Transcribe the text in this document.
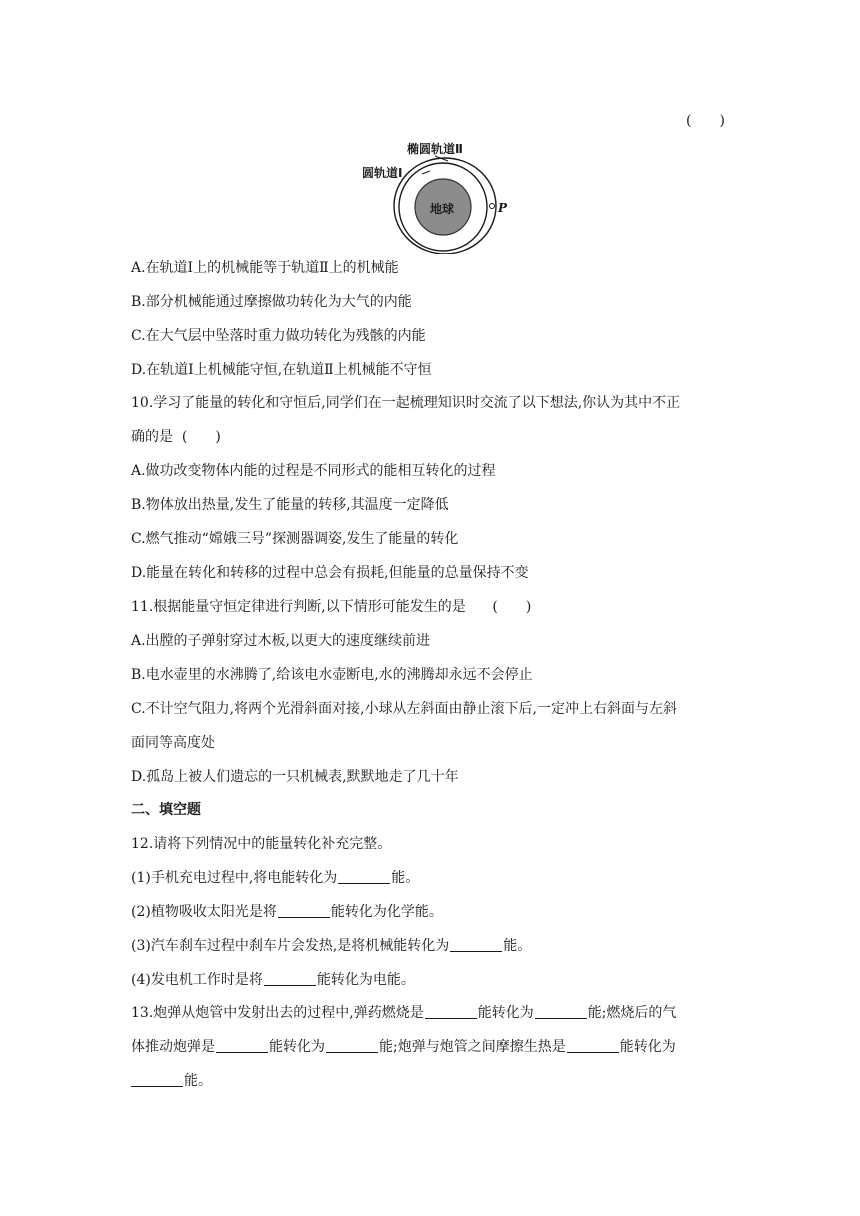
(　　)
椭圆轨道Ⅱ
圆轨道Ⅰ
地球	P
A.在轨道Ⅰ上的机械能等于轨道Ⅱ上的机械能
B.部分机械能通过摩擦做功转化为大气的内能
C.在大气层中坠落时重力做功转化为残骸的内能
D.在轨道Ⅰ上机械能守恒,在轨道Ⅱ上机械能不守恒
10.学习了能量的转化和守恒后,同学们在一起梳理知识时交流了以下想法,你认为其中不正
确的是 (　　)
A.做功改变物体内能的过程是不同形式的能相互转化的过程
B.物体放出热量,发生了能量的转移,其温度一定降低
C.燃气推动“嫦娥三号”探测器调姿,发生了能量的转化
D.能量在转化和转移的过程中总会有损耗,但能量的总量保持不变
11.根据能量守恒定律进行判断,以下情形可能发生的是 (　　)
A.出膛的子弹射穿过木板,以更大的速度继续前进
B.电水壶里的水沸腾了,给该电水壶断电,水的沸腾却永远不会停止
C.不计空气阻力,将两个光滑斜面对接,小球从左斜面由静止滚下后,一定冲上右斜面与左斜
面同等高度处
D.孤岛上被人们遗忘的一只机械表,默默地走了几十年
二、填空题
12.请将下列情况中的能量转化补充完整。
(1)手机充电过程中,将电能转化为	能。
(2)植物吸收太阳光是将	能转化为化学能。
(3)汽车刹车过程中刹车片会发热,是将机械能转化为	能。
(4)发电机工作时是将	能转化为电能。
13.炮弹从炮管中发射出去的过程中,弹药燃烧是	能转化为	能;燃烧后的气
体推动炮弹是	能转化为	能;炮弹与炮管之间摩擦生热是	能转化为
能。
